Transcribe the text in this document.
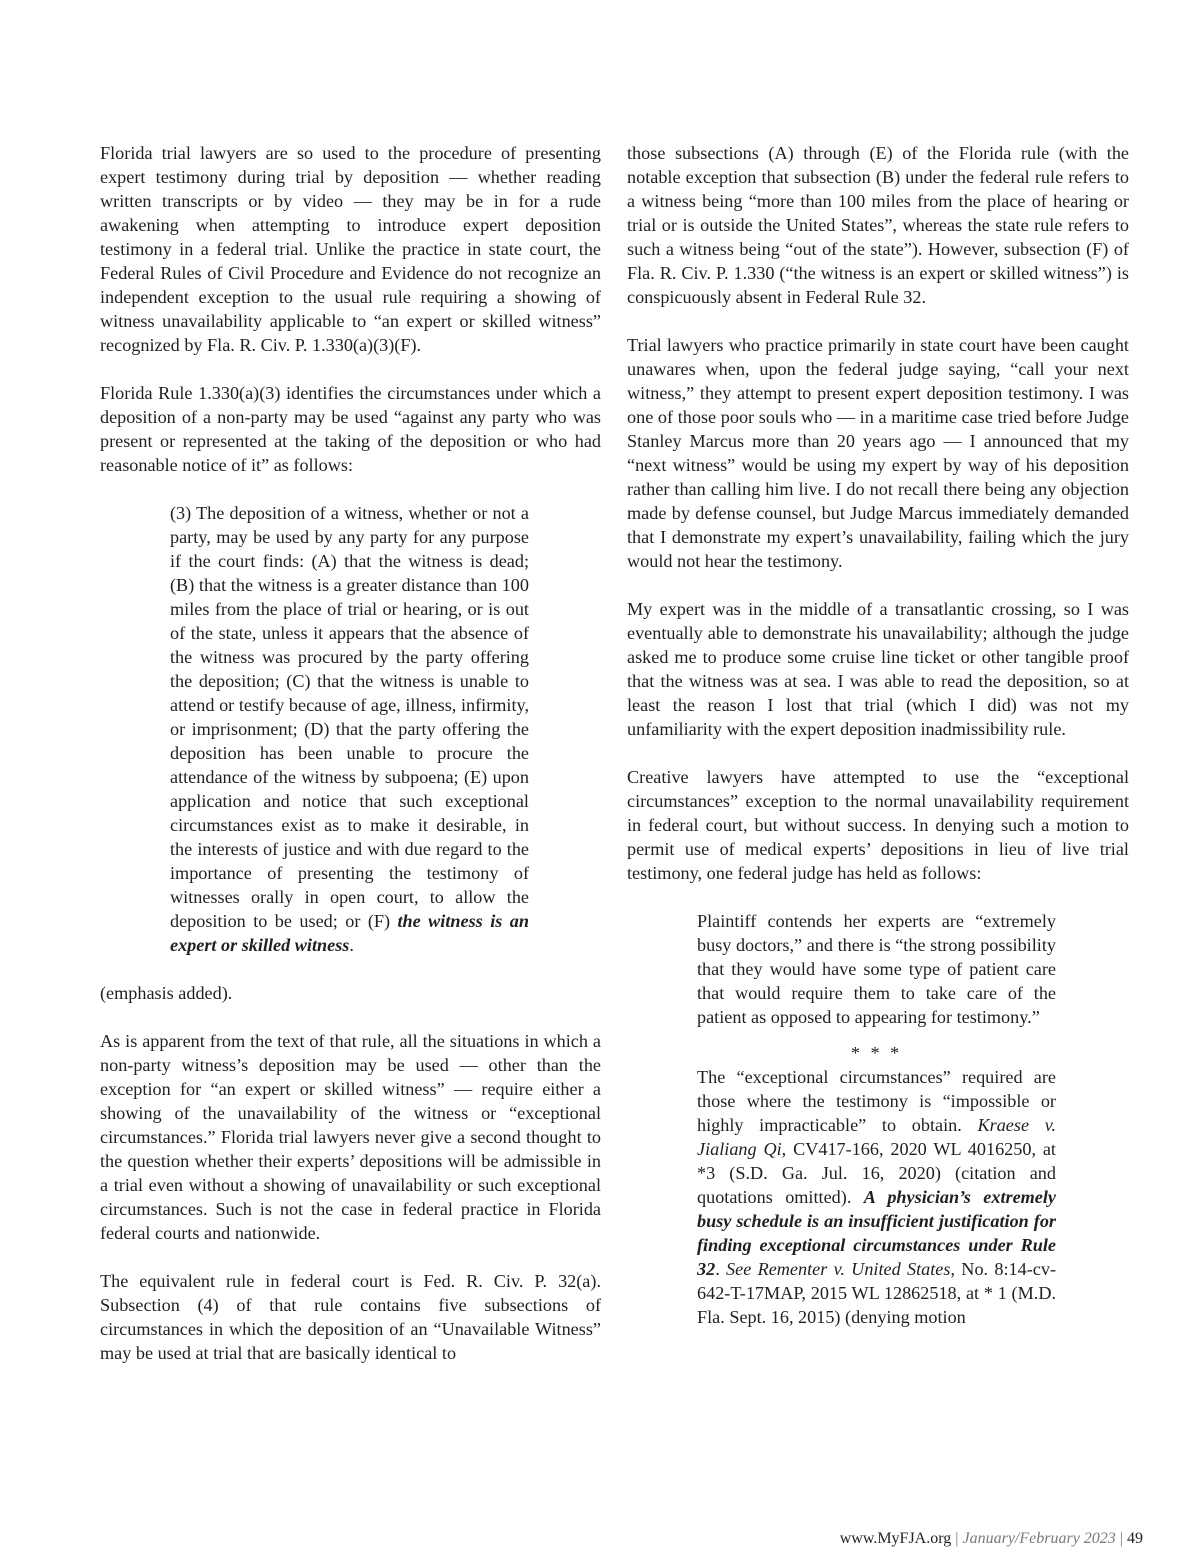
Florida trial lawyers are so used to the procedure of presenting expert testimony during trial by deposition — whether reading written transcripts or by video — they may be in for a rude awakening when attempting to introduce expert deposition testimony in a federal trial. Unlike the practice in state court, the Federal Rules of Civil Procedure and Evidence do not recognize an independent exception to the usual rule requiring a showing of witness unavailability applicable to “an expert or skilled witness” recognized by Fla. R. Civ. P. 1.330(a)(3)(F).

Florida Rule 1.330(a)(3) identifies the circumstances under which a deposition of a non-party may be used “against any party who was present or represented at the taking of the deposition or who had reasonable notice of it” as follows:

(3) The deposition of a witness, whether or not a party, may be used by any party for any purpose if the court finds: (A) that the witness is dead; (B) that the witness is a greater distance than 100 miles from the place of trial or hearing, or is out of the state, unless it appears that the absence of the witness was procured by the party offering the deposition; (C) that the witness is unable to attend or testify because of age, illness, infirmity, or imprisonment; (D) that the party offering the deposition has been unable to procure the attendance of the witness by subpoena; (E) upon application and notice that such exceptional circumstances exist as to make it desirable, in the interests of justice and with due regard to the importance of presenting the testimony of witnesses orally in open court, to allow the deposition to be used; or (F) the witness is an expert or skilled witness.

(emphasis added).

As is apparent from the text of that rule, all the situations in which a non-party witness’s deposition may be used — other than the exception for “an expert or skilled witness” — require either a showing of the unavailability of the witness or “exceptional circumstances.” Florida trial lawyers never give a second thought to the question whether their experts’ depositions will be admissible in a trial even without a showing of unavailability or such exceptional circumstances. Such is not the case in federal practice in Florida federal courts and nationwide.

The equivalent rule in federal court is Fed. R. Civ. P. 32(a). Subsection (4) of that rule contains five subsections of circumstances in which the deposition of an “Unavailable Witness” may be used at trial that are basically identical to

those subsections (A) through (E) of the Florida rule (with the notable exception that subsection (B) under the federal rule refers to a witness being “more than 100 miles from the place of hearing or trial or is outside the United States”, whereas the state rule refers to such a witness being “out of the state”). However, subsection (F) of Fla. R. Civ. P. 1.330 (“the witness is an expert or skilled witness”) is conspicuously absent in Federal Rule 32.

Trial lawyers who practice primarily in state court have been caught unawares when, upon the federal judge saying, “call your next witness,” they attempt to present expert deposition testimony. I was one of those poor souls who — in a maritime case tried before Judge Stanley Marcus more than 20 years ago — I announced that my “next witness” would be using my expert by way of his deposition rather than calling him live. I do not recall there being any objection made by defense counsel, but Judge Marcus immediately demanded that I demonstrate my expert’s unavailability, failing which the jury would not hear the testimony.

My expert was in the middle of a transatlantic crossing, so I was eventually able to demonstrate his unavailability; although the judge asked me to produce some cruise line ticket or other tangible proof that the witness was at sea. I was able to read the deposition, so at least the reason I lost that trial (which I did) was not my unfamiliarity with the expert deposition inadmissibility rule.

Creative lawyers have attempted to use the “exceptional circumstances” exception to the normal unavailability requirement in federal court, but without success. In denying such a motion to permit use of medical experts’ depositions in lieu of live trial testimony, one federal judge has held as follows:

Plaintiff contends her experts are “extremely busy doctors,” and there is “the strong possibility that they would have some type of patient care that would require them to take care of the patient as opposed to appearing for testimony.”

* * *

The “exceptional circumstances” required are those where the testimony is “impossible or highly impracticable” to obtain. Kraese v. Jialiang Qi, CV417-166, 2020 WL 4016250, at *3 (S.D. Ga. Jul. 16, 2020) (citation and quotations omitted). A physician’s extremely busy schedule is an insufficient justification for finding exceptional circumstances under Rule 32. See Rementer v. United States, No. 8:14-cv-642-T-17MAP, 2015 WL 12862518, at * 1 (M.D. Fla. Sept. 16, 2015) (denying motion

www.MyFJA.org | January/February 2023 | 49
